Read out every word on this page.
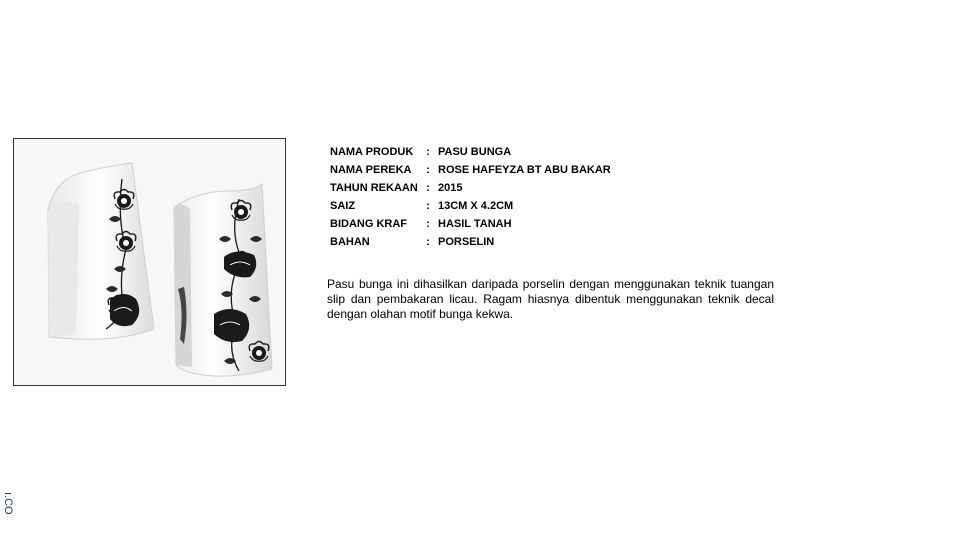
NAMA PRODUK	:	PASU BUNGA
NAMA PEREKA	:	ROSE HAFEYZA BT ABU BAKAR
TAHUN REKAAN	:	2015
SAIZ	:	13CM X 4.2CM
BIDANG KRAF	:	HASIL TANAH
BAHAN	:	PORSELIN

Pasu bunga ini dihasilkan daripada porselin dengan menggunakan teknik tuangan slip dan pembakaran licau. Ragam hiasnya dibentuk menggunakan teknik decal dengan olahan motif bunga kekwa.

ı.CO
